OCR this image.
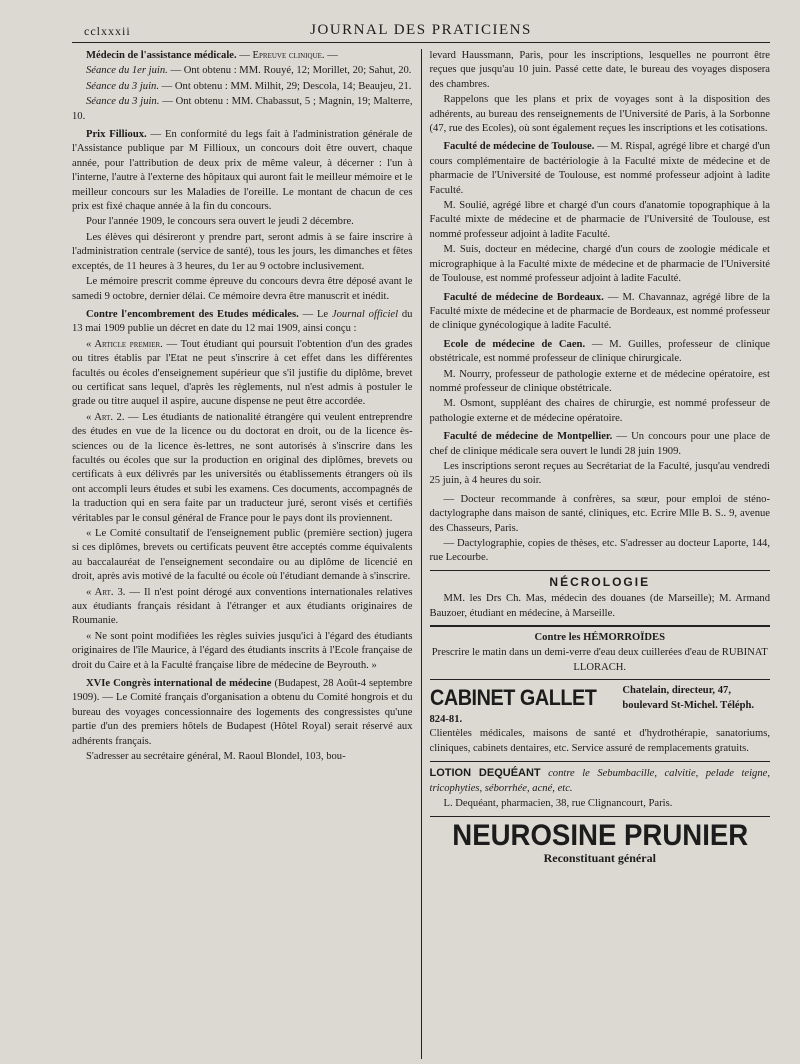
cclxxxii	JOURNAL DES PRATICIENS

Médecin de l'assistance médicale. — Epreuve clinique. —

Séance du 1er juin. — Ont obtenu : MM. Rouyé, 12; Morillet, 20; Sahut, 20.

Séance du 3 juin. — Ont obtenu : MM. Milhit, 29; Descola, 14; Beaujeu, 21.

Séance du 3 juin. — Ont obtenu : MM. Chabassut, 5 ; Magnin, 19; Malterre, 10.

Prix Fillioux. — En conformité du legs fait à l'administration générale de l'Assistance publique par M Fillioux, un concours doit être ouvert, chaque année, pour l'attribution de deux prix de même valeur, à décerner : l'un à l'interne, l'autre à l'externe des hôpitaux qui auront fait le meilleur mémoire et le meilleur concours sur les Maladies de l'oreille. Le montant de chacun de ces prix est fixé chaque année à la fin du concours.

Pour l'année 1909, le concours sera ouvert le jeudi 2 décembre.

Les élèves qui désireront y prendre part, seront admis à se faire inscrire à l'administration centrale (service de santé), tous les jours, les dimanches et fêtes exceptés, de 11 heures à 3 heures, du 1er au 9 octobre inclusivement.

Le mémoire prescrit comme épreuve du concours devra être déposé avant le samedi 9 octobre, dernier délai. Ce mémoire devra être manuscrit et inédit.

Contre l'encombrement des Etudes médicales. — Le Journal officiel du 13 mai 1909 publie un décret en date du 12 mai 1909, ainsi conçu :

« Article premier. — Tout étudiant qui poursuit l'obtention d'un des grades ou titres établis par l'Etat ne peut s'inscrire à cet effet dans les différentes facultés ou écoles d'enseignement supérieur que s'il justifie du diplôme, brevet ou certificat sans lequel, d'après les règlements, nul n'est admis à postuler le grade ou titre auquel il aspire, aucune dispense ne peut être accordée.

« Art. 2. — Les étudiants de nationalité étrangère qui veulent entreprendre des études en vue de la licence ou du doctorat en droit, ou de la licence ès-sciences ou de la licence ès-lettres, ne sont autorisés à s'inscrire dans les facultés ou écoles que sur la production en original des diplômes, brevets ou certificats à eux délivrés par les universités ou établissements étrangers où ils ont accompli leurs études et subi les examens. Ces documents, accompagnés de la traduction qui en sera faite par un traducteur juré, seront visés et certifiés véritables par le consul général de France pour le pays dont ils proviennent.

« Le Comité consultatif de l'enseignement public (première section) jugera si ces diplômes, brevets ou certificats peuvent être acceptés comme équivalents au baccalauréat de l'enseignement secondaire ou au diplôme de licencié en droit, après avis motivé de la faculté ou école où l'étudiant demande à s'inscrire.

« Art. 3. — Il n'est point dérogé aux conventions internationales relatives aux étudiants français résidant à l'étranger et aux étudiants originaires de Roumanie.

« Ne sont point modifiées les règles suivies jusqu'ici à l'égard des étudiants originaires de l'île Maurice, à l'égard des étudiants inscrits à l'Ecole française de droit du Caire et à la Faculté française libre de médecine de Beyrouth. »

XVIe Congrès international de médecine (Budapest, 28 Août-4 septembre 1909). — Le Comité français d'organisation a obtenu du Comité hongrois et du bureau des voyages concessionnaire des logements des congressistes qu'une partie d'un des premiers hôtels de Budapest (Hôtel Royal) serait réservé aux adhérents français.

S'adresser au secrétaire général, M. Raoul Blondel, 103, bou-

levard Haussmann, Paris, pour les inscriptions, lesquelles ne pourront être reçues que jusqu'au 10 juin. Passé cette date, le bureau des voyages disposera des chambres.

Rappelons que les plans et prix de voyages sont à la disposition des adhérents, au bureau des renseignements de l'Université de Paris, à la Sorbonne (47, rue des Ecoles), où sont également reçues les inscriptions et les cotisations.

Faculté de médecine de Toulouse. — M. Rispal, agrégé libre et chargé d'un cours complémentaire de bactériologie à la Faculté mixte de médecine et de pharmacie de l'Université de Toulouse, est nommé professeur adjoint à ladite Faculté.

M. Soulié, agrégé libre et chargé d'un cours d'anatomie topographique à la Faculté mixte de médecine et de pharmacie de l'Université de Toulouse, est nommé professeur adjoint à ladite Faculté.

M. Suis, docteur en médecine, chargé d'un cours de zoologie médicale et micrographique à la Faculté mixte de médecine et de pharmacie de l'Université de Toulouse, est nommé professeur adjoint à ladite Faculté.

Faculté de médecine de Bordeaux. — M. Chavannaz, agrégé libre de la Faculté mixte de médecine et de pharmacie de Bordeaux, est nommé professeur de clinique gynécologique à ladite Faculté.

Ecole de médecine de Caen. — M. Guilles, professeur de clinique obstétricale, est nommé professeur de clinique chirurgicale.

M. Nourry, professeur de pathologie externe et de médecine opératoire, est nommé professeur de clinique obstétricale.

M. Osmont, suppléant des chaires de chirurgie, est nommé professeur de pathologie externe et de médecine opératoire.

Faculté de médecine de Montpellier. — Un concours pour une place de chef de clinique médicale sera ouvert le lundi 28 juin 1909.

Les inscriptions seront reçues au Secrétariat de la Faculté, jusqu'au vendredi 25 juin, à 4 heures du soir.

— Docteur recommande à confrères, sa sœur, pour emploi de sténo-dactylographe dans maison de santé, cliniques, etc. Ecrire Mlle B. S.. 9, avenue des Chasseurs, Paris.

— Dactylographie, copies de thèses, etc. S'adresser au docteur Laporte, 144, rue Lecourbe.

NÉCROLOGIE

MM. les Drs Ch. Mas, médecin des douanes (de Marseille); M. Armand Bauzoer, étudiant en médecine, à Marseille.

Contre les HÉMORROÏDES

Prescrire le matin dans un demi-verre d'eau deux cuillerées d'eau de RUBINAT LLORACH.

CABINET GALLET	Chatelain, directeur, 47, boulevard St-Michel. Téléph. 824-81.

Clientèles médicales, maisons de santé et d'hydrothérapie, sanatoriums, cliniques, cabinets dentaires, etc. Service assuré de remplacements gratuits.

LOTION DEQUÉANT contre le Sebumbacille, calvitie, pelade teigne, tricophyties, séborrhée, acné, etc.

L. Dequéant, pharmacien, 38, rue Clignancourt, Paris.

NEUROSINE PRUNIER
Reconstituant général
